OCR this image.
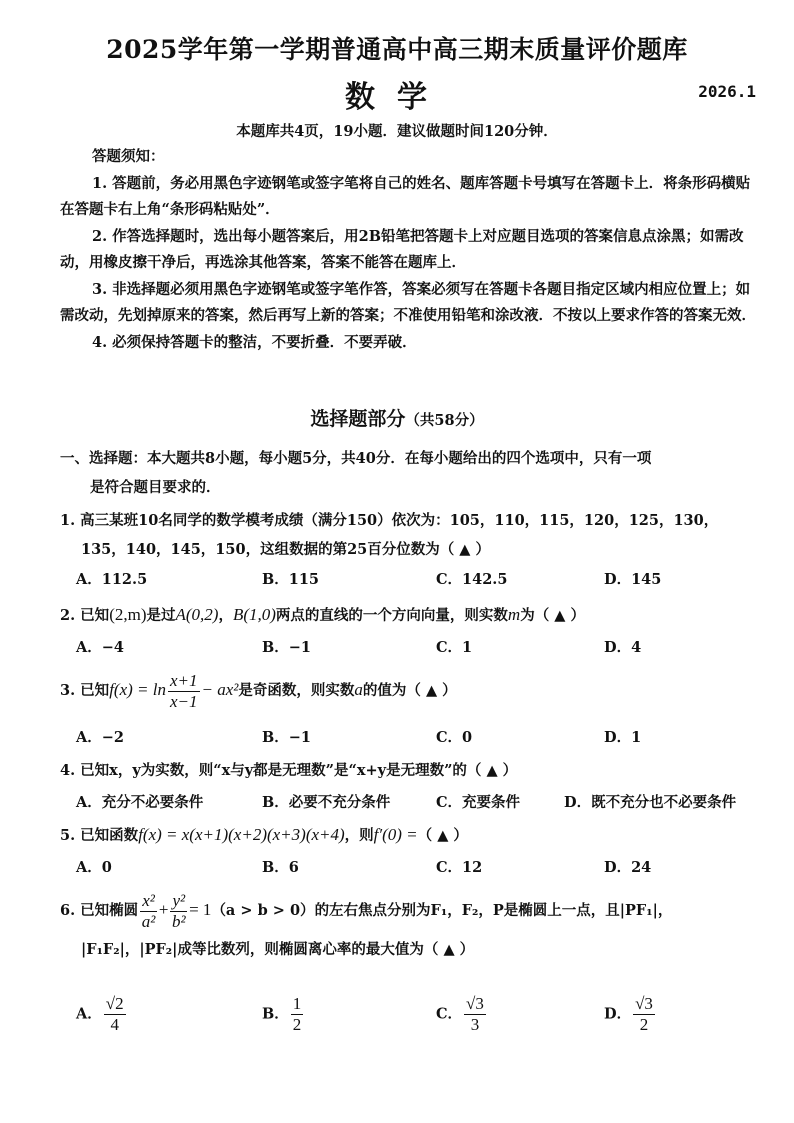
2025学年第一学期普通高中高三期末质量评价题库
数学	2026.1
本题库共4页，19小题．建议做题时间120分钟．
答题须知：

1. 答题前，务必用黑色字迹钢笔或签字笔将自己的姓名、题库答题卡号填写在答题卡上．将条形码横贴在答题卡右上角“条形码粘贴处”．

2. 作答选择题时，选出每小题答案后，用2B铅笔把答题卡上对应题目选项的答案信息点涂黑；如需改动，用橡皮擦干净后，再选涂其他答案，答案不能答在题库上．

3. 非选择题必须用黑色字迹钢笔或签字笔作答，答案必须写在答题卡各题目指定区域内相应位置上；如需改动，先划掉原来的答案，然后再写上新的答案；不准使用铅笔和涂改液．不按以上要求作答的答案无效．

4. 必须保持答题卡的整洁，不要折叠．不要弄破．

选择题部分（共58分）
一、选择题：本大题共8小题，每小题5分，共40分．在每小题给出的四个选项中，只有一项
是符合题目要求的．
1. 高三某班10名同学的数学模考成绩（满分150）依次为：105，110，115，120，125，130，
135，140，145，150，这组数据的第25百分位数为（ ▲ ）
A．112.5	B．115	C．142.5	D．145
2. 已知(2,m)是过A(0,2)，B(1,0)两点的直线的一个方向向量，则实数m为（ ▲ ）
A．−4	B．−1	C．1	D．4
3. 已知$f(x) = \ln \frac{x+1}{x-1} - ax^2$是奇函数，则实数a的值为（ ▲ ）
A．−2	B．−1	C．0	D．1
4. 已知x，y为实数，则“x与y都是无理数”是“x+y是无理数”的（ ▲ ）
A．充分不必要条件	B．必要不充分条件	C．充要条件	D．既不充分也不必要条件
5. 已知函数f(x) = x(x+1)(x+2)(x+3)(x+4)，则f′(0) =（ ▲ ）
A．0	B．6	C．12	D．24
6. 已知椭圆 $\frac{\text{x²}}{\text{a²}} + \frac{\text{y²}}{\text{b²}} = 1(a > b > 0)$的左右焦点分别为F₁，F₂，P是椭圆上一点，且|PF₁|，
|F₁F₂|，|PF₂|成等比数列，则椭圆离心率的最大值为（ ▲ ）
A． $\frac{√2}{4}$	B． $\frac{1}{2}$	C． $\frac{√3}{3}$	D． $\frac{√3}{2}$
